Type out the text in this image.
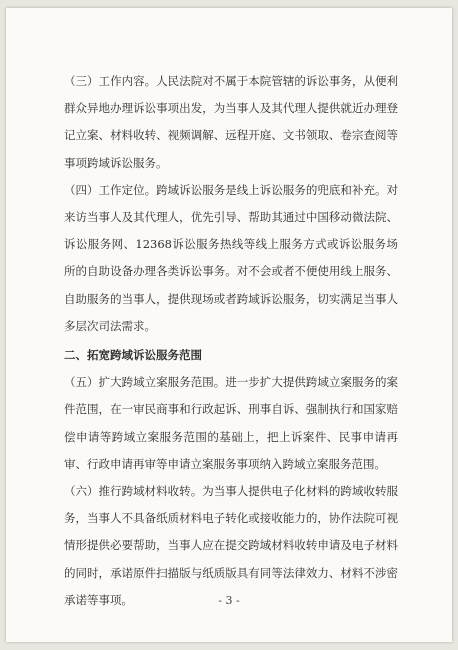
（三）工作内容。人民法院对不属于本院管辖的诉讼事务，从便利群众异地办理诉讼事项出发，为当事人及其代理人提供就近办理登记立案、材料收转、视频调解、远程开庭、文书领取、卷宗查阅等事项跨域诉讼服务。

（四）工作定位。跨域诉讼服务是线上诉讼服务的兜底和补充。对来访当事人及其代理人，优先引导、帮助其通过中国移动微法院、诉讼服务网、12368诉讼服务热线等线上服务方式或诉讼服务场所的自助设备办理各类诉讼事务。对不会或者不便使用线上服务、自助服务的当事人，提供现场或者跨域诉讼服务，切实满足当事人多层次司法需求。

二、拓宽跨域诉讼服务范围

（五）扩大跨域立案服务范围。进一步扩大提供跨域立案服务的案件范围，在一审民商事和行政起诉、刑事自诉、强制执行和国家赔偿申请等跨域立案服务范围的基础上，把上诉案件、民事申请再审、行政申请再审等申请立案服务事项纳入跨域立案服务范围。

（六）推行跨域材料收转。为当事人提供电子化材料的跨域收转服务，当事人不具备纸质材料电子转化或接收能力的，协作法院可视情形提供必要帮助，当事人应在提交跨域材料收转申请及电子材料的同时，承诺原件扫描版与纸质版具有同等法律效力、材料不涉密承诺等事项。	- 3 -
